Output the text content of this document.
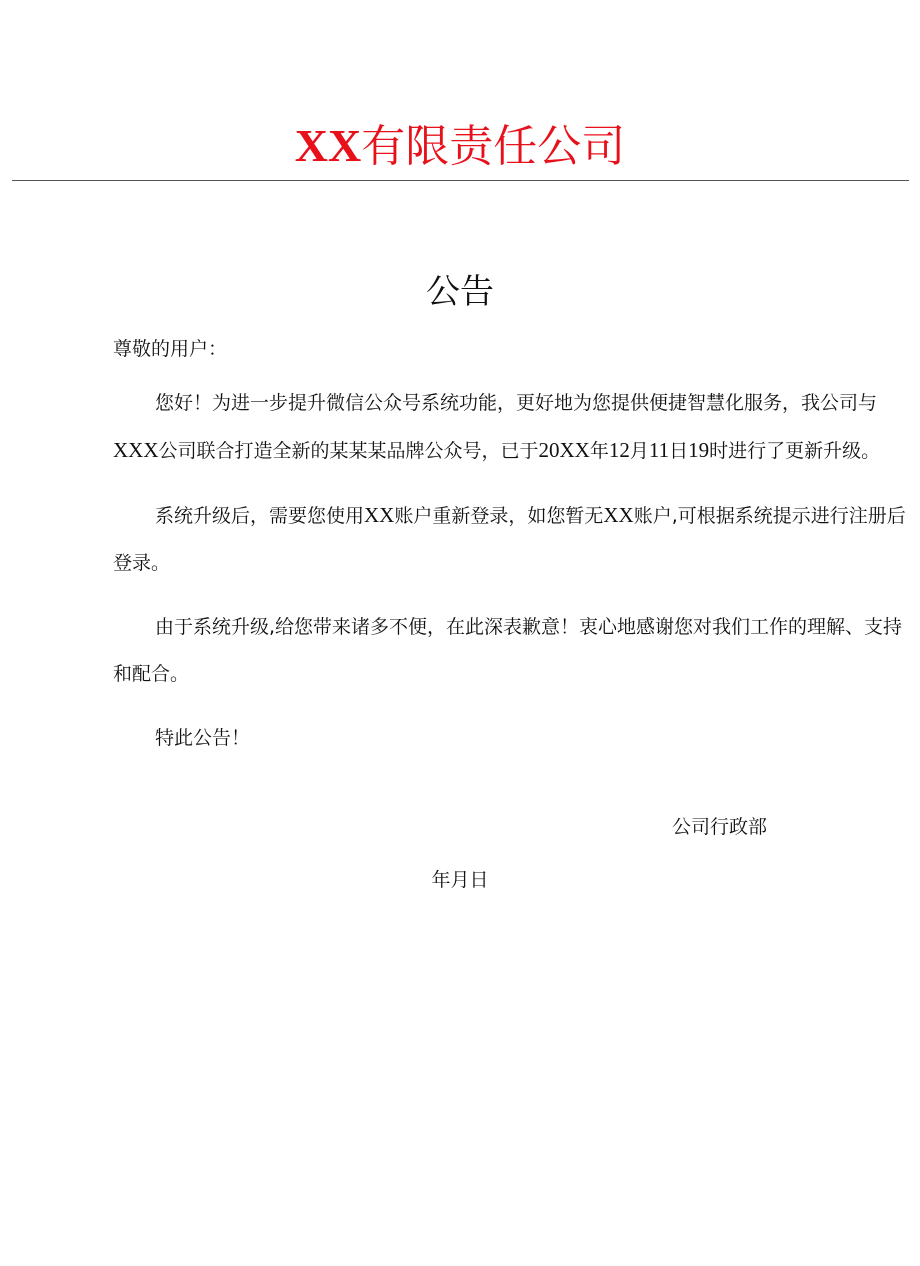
XX有限责任公司
公告

尊敬的用户：

您好！为进一步提升微信公众号系统功能，更好地为您提供便捷智慧化服务，我公司与XXX公司联合打造全新的某某某品牌公众号，已于20XX年12月11日19时进行了更新升级。

系统升级后，需要您使用XX账户重新登录，如您暂无XX账户,可根据系统提示进行注册后登录。

由于系统升级,给您带来诸多不便，在此深表歉意！衷心地感谢您对我们工作的理解、支持和配合。

特此公告！

公司行政部
年月日
